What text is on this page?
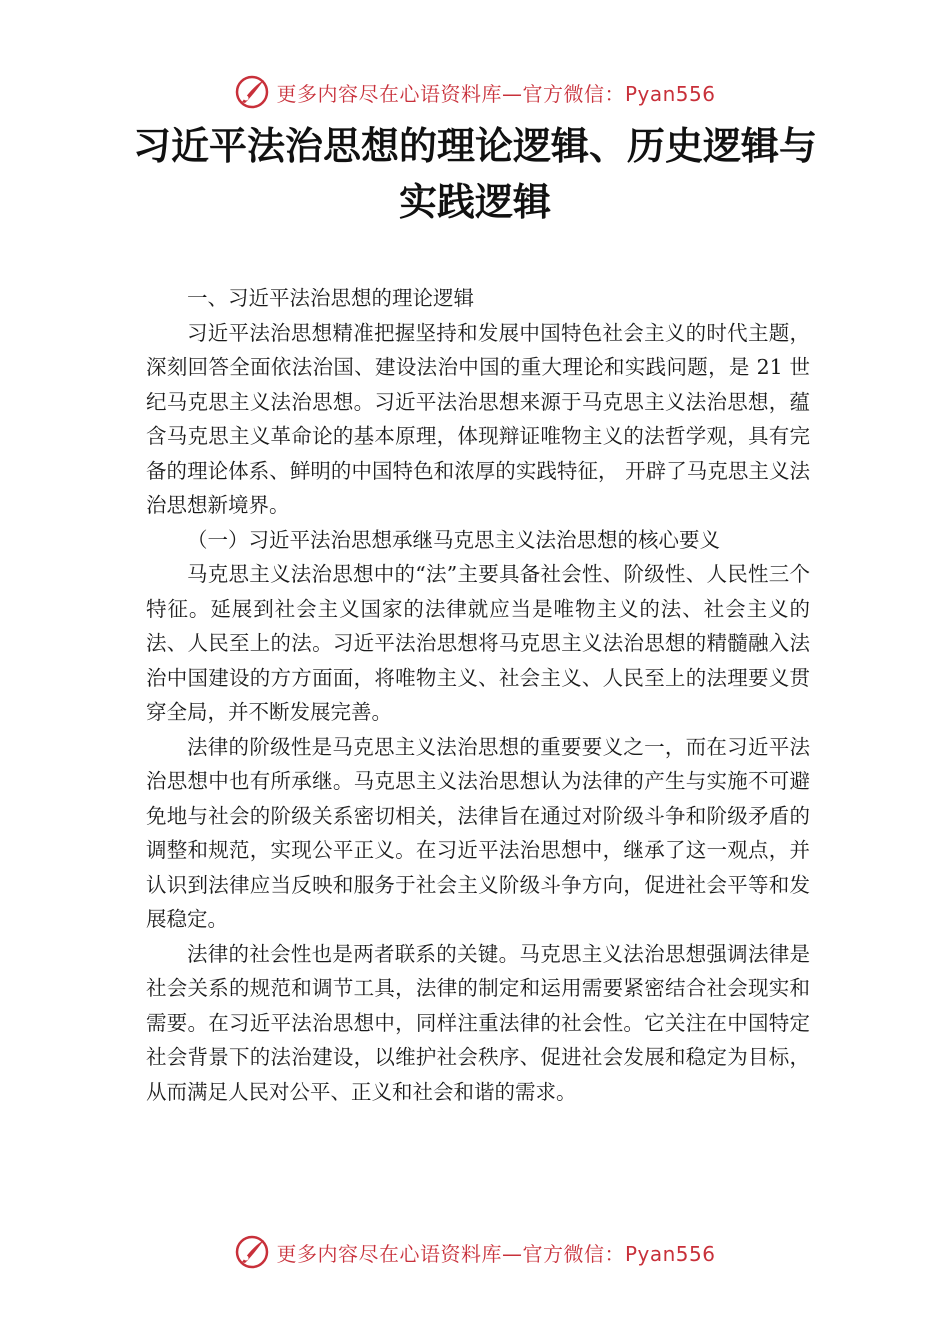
更多内容尽在心语资料库—官方微信：Pyan556
习近平法治思想的理论逻辑、历史逻辑与实践逻辑

一、习近平法治思想的理论逻辑

习近平法治思想精准把握坚持和发展中国特色社会主义的时代主题，深刻回答全面依法治国、建设法治中国的重大理论和实践问题，是 21 世纪马克思主义法治思想。习近平法治思想来源于马克思主义法治思想，蕴含马克思主义革命论的基本原理，体现辩证唯物主义的法哲学观，具有完备的理论体系、鲜明的中国特色和浓厚的实践特征， 开辟了马克思主义法治思想新境界。

（一）习近平法治思想承继马克思主义法治思想的核心要义

马克思主义法治思想中的“法”主要具备社会性、阶级性、人民性三个特征。延展到社会主义国家的法律就应当是唯物主义的法、社会主义的法、人民至上的法。习近平法治思想将马克思主义法治思想的精髓融入法治中国建设的方方面面，将唯物主义、社会主义、人民至上的法理要义贯穿全局，并不断发展完善。

法律的阶级性是马克思主义法治思想的重要要义之一，而在习近平法治思想中也有所承继。马克思主义法治思想认为法律的产生与实施不可避免地与社会的阶级关系密切相关，法律旨在通过对阶级斗争和阶级矛盾的调整和规范，实现公平正义。在习近平法治思想中，继承了这一观点，并认识到法律应当反映和服务于社会主义阶级斗争方向，促进社会平等和发展稳定。

法律的社会性也是两者联系的关键。马克思主义法治思想强调法律是社会关系的规范和调节工具，法律的制定和运用需要紧密结合社会现实和需要。在习近平法治思想中，同样注重法律的社会性。它关注在中国特定社会背景下的法治建设，以维护社会秩序、促进社会发展和稳定为目标，从而满足人民对公平、正义和社会和谐的需求。

更多内容尽在心语资料库—官方微信：Pyan556
